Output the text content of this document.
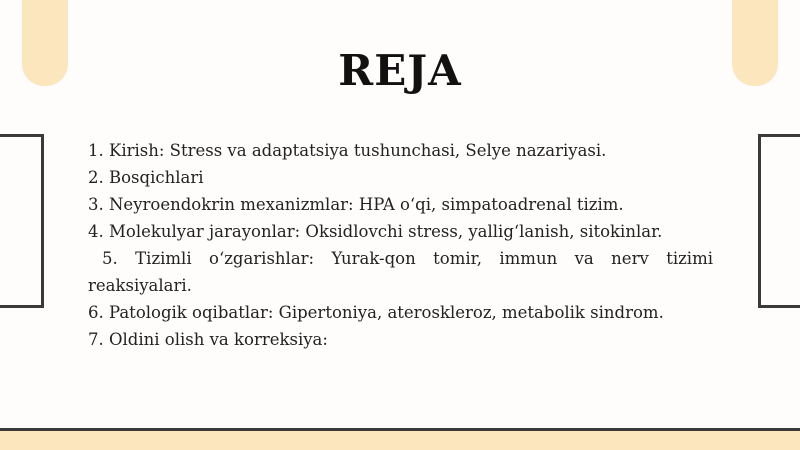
REJA
1. Kirish: Stress va adaptatsiya tushunchasi, Selye nazariyasi.
2. Bosqichlari
3. Neyroendokrin mexanizmlar: HPA o‘qi, simpatoadrenal tizim.
4. Molekulyar jarayonlar: Oksidlovchi stress, yallig‘lanish, sitokinlar.
5. Tizimli o‘zgarishlar: Yurak-qon tomir, immun va nerv tizimi
reaksiyalari.
6. Patologik oqibatlar: Gipertoniya, ateroskleroz, metabolik sindrom.
7. Oldini olish va korreksiya:
